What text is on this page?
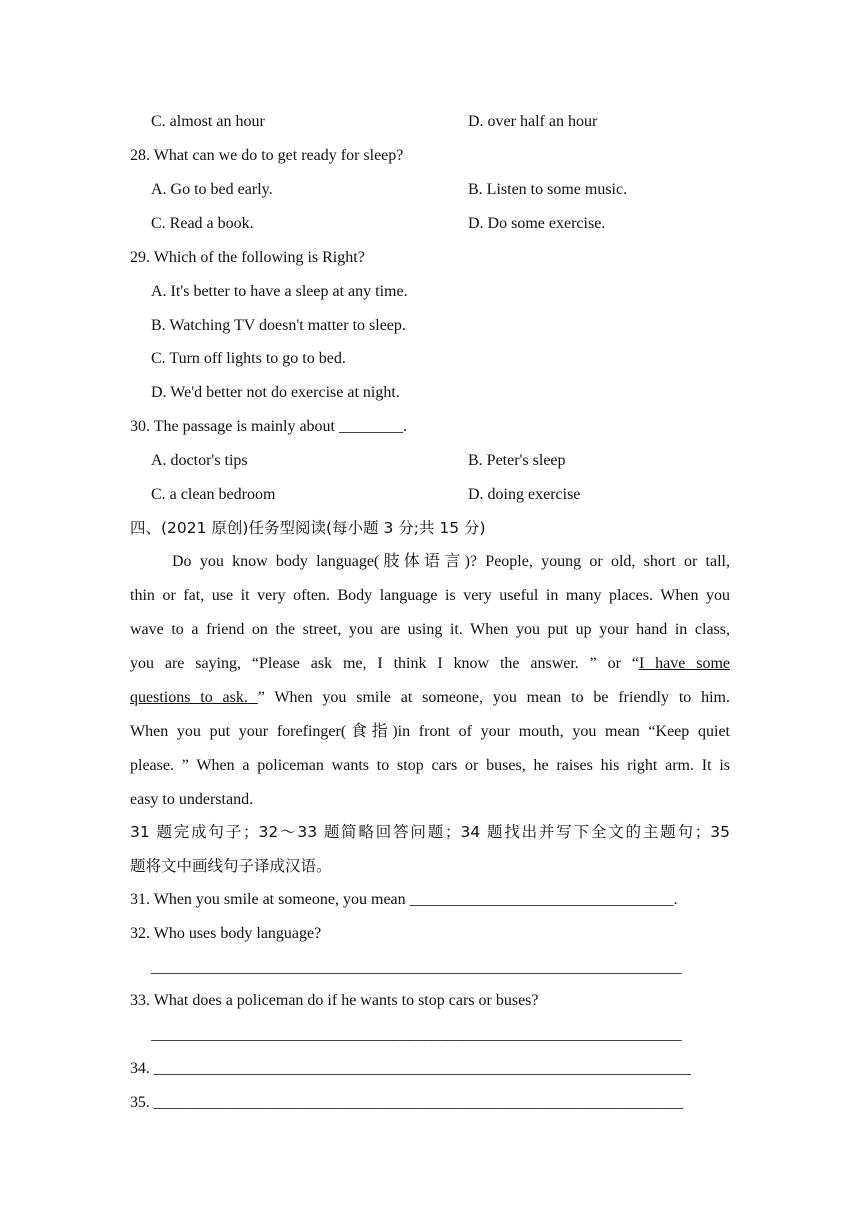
C. almost an hour	D. over half an hour
28. What can we do to get ready for sleep?
A. Go to bed early.	B. Listen to some music.
C. Read a book.	D. Do some exercise.
29. Which of the following is Right?
A. It's better to have a sleep at any time.
B. Watching TV doesn't matter to sleep.
C. Turn off lights to go to bed.
D. We'd better not do exercise at night.
30. The passage is mainly about ________.
A. doctor's tips	B. Peter's sleep
C. a clean bedroom	D. doing exercise
四、(2021 原创)任务型阅读(每小题 3 分;共 15 分)
Do you know body language(肢体语言)? People, young or old, short or tall,
thin or fat, use it very often. Body language is very useful in many places. When you
wave to a friend on the street, you are using it. When you put up your hand in class,
you are saying, “Please ask me, I think I know the answer. ” or “I have some
questions to ask. ” When you smile at someone, you mean to be friendly to him.
When you put your forefinger(食指)in front of your mouth, you mean “Keep quiet
please. ” When a policeman wants to stop cars or buses, he raises his right arm. It is
easy to understand.
31 题完成句子；32～33 题简略回答问题；34 题找出并写下全文的主题句；35
题将文中画线句子译成汉语。
31. When you smile at someone, you mean _________________________________.
32. Who uses body language?
____________________________________________________________________
33. What does a policeman do if he wants to stop cars or buses?
____________________________________________________________________
34. ____________________________________________________________________
35. ___________________________________________________________________
